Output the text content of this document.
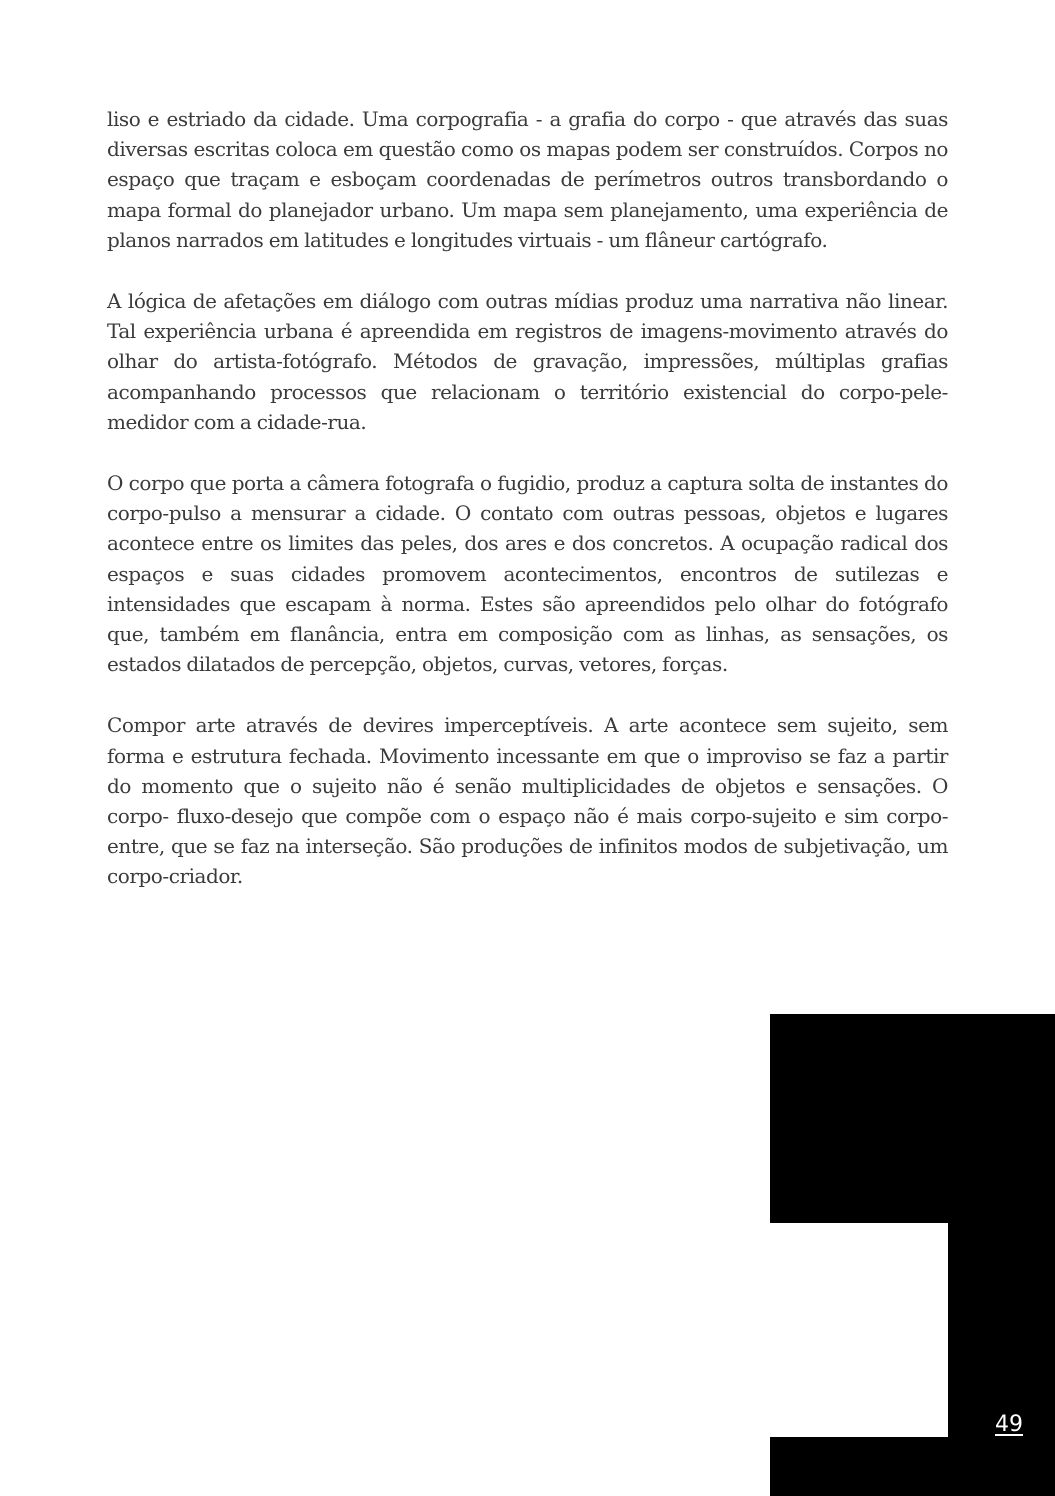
liso e estriado da cidade. Uma corpografia - a grafia do corpo - que através das suas diversas escritas coloca em questão como os mapas podem ser construídos. Corpos no espaço que traçam e esboçam coordenadas de perímetros outros transbordando o mapa formal do planejador urbano. Um mapa sem planejamento, uma experiência de planos narrados em latitudes e longitudes virtuais - um flâneur cartógrafo.

A lógica de afetações em diálogo com outras mídias produz uma narrativa não linear. Tal experiência urbana é apreendida em registros de imagens-movimento através do olhar do artista-fotógrafo. Métodos de gravação, impressões, múltiplas grafias acompanhando processos que relacionam o território existencial do corpo-pele-medidor com a cidade-rua.

O corpo que porta a câmera fotografa o fugidio, produz a captura solta de instantes do corpo-pulso a mensurar a cidade. O contato com outras pessoas, objetos e lugares acontece entre os limites das peles, dos ares e dos concretos. A ocupação radical dos espaços e suas cidades promovem acontecimentos, encontros de sutilezas e intensidades que escapam à norma. Estes são apreendidos pelo olhar do fotógrafo que, também em flanância, entra em composição com as linhas, as sensações, os estados dilatados de percepção, objetos, curvas, vetores, forças.

Compor arte através de devires imperceptíveis. A arte acontece sem sujeito, sem forma e estrutura fechada. Movimento incessante em que o improviso se faz a partir do momento que o sujeito não é senão multiplicidades de objetos e sensações. O corpo- fluxo-desejo que compõe com o espaço não é mais corpo-sujeito e sim corpo-entre, que se faz na interseção. São produções de infinitos modos de subjetivação, um corpo-criador.

49
